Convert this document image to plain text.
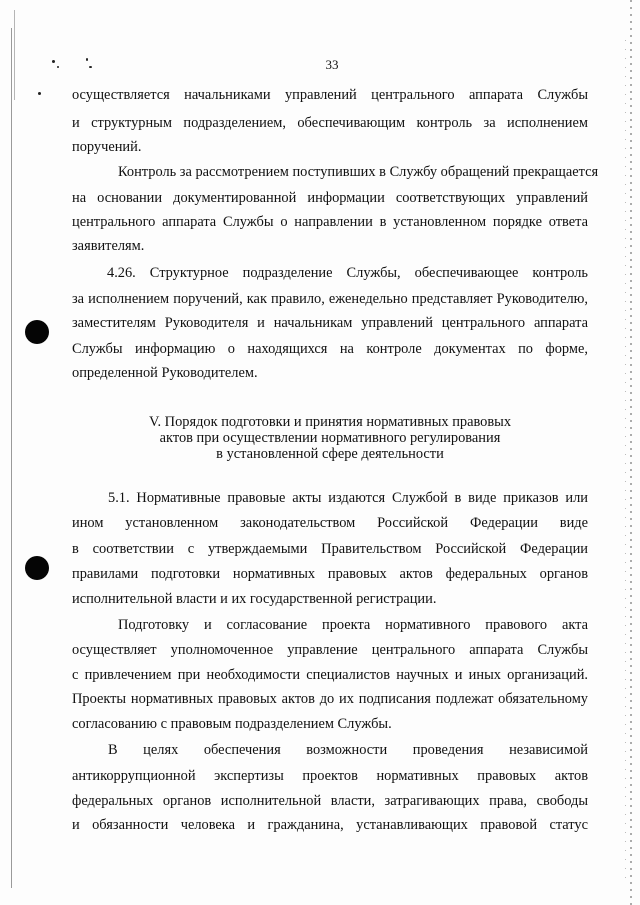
33
осуществляется начальниками управлений центрального аппарата Службы
и структурным подразделением, обеспечивающим контроль за исполнением
поручений.
Контроль за рассмотрением поступивших в Службу обращений прекращается
на основании документированной информации соответствующих управлений
центрального аппарата Службы о направлении в установленном порядке ответа
заявителям.
4.26. Структурное подразделение Службы, обеспечивающее контроль
за исполнением поручений, как правило, еженедельно представляет Руководителю,
заместителям Руководителя и начальникам управлений центрального аппарата
Службы информацию о находящихся на контроле документах по форме,
определенной Руководителем.
V. Порядок подготовки и принятия нормативных правовых
актов при осуществлении нормативного регулирования
в установленной сфере деятельности
5.1. Нормативные правовые акты издаются Службой в виде приказов или
ином установленном законодательством Российской Федерации виде
в соответствии с утверждаемыми Правительством Российской Федерации
правилами подготовки нормативных правовых актов федеральных органов
исполнительной власти и их государственной регистрации.
Подготовку и согласование проекта нормативного правового акта
осуществляет уполномоченное управление центрального аппарата Службы
с привлечением при необходимости специалистов научных и иных организаций.
Проекты нормативных правовых актов до их подписания подлежат обязательному
согласованию с правовым подразделением Службы.
В целях обеспечения возможности проведения независимой
антикоррупционной экспертизы проектов нормативных правовых актов
федеральных органов исполнительной власти, затрагивающих права, свободы
и обязанности человека и гражданина, устанавливающих правовой статус
